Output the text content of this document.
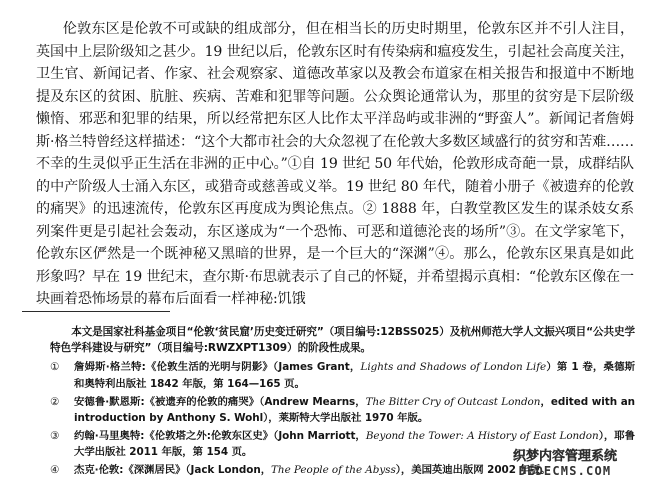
伦敦东区是伦敦不可或缺的组成部分，但在相当长的历史时期里，伦敦东区并不引人注目，英国中上层阶级知之甚少。19 世纪以后，伦敦东区时有传染病和瘟疫发生，引起社会高度关注，卫生官、新闻记者、作家、社会观察家、道德改革家以及教会布道家在相关报告和报道中不断地提及东区的贫困、肮脏、疾病、苦难和犯罪等问题。公众舆论通常认为，那里的贫穷是下层阶级懒惰、邪恶和犯罪的结果，所以经常把东区人比作太平洋岛屿或非洲的“野蛮人”。新闻记者詹姆斯·格兰特曾经这样描述：“这个大都市社会的大众忽视了在伦敦大多数区域盛行的贫穷和苦难……不幸的生灵似乎正生活在非洲的正中心。”①自 19 世纪 50 年代始，伦敦形成奇葩一景，成群结队的中产阶级人士涌入东区，或猎奇或慈善或义举。19 世纪 80 年代，随着小册子《被遗弃的伦敦的痛哭》的迅速流传，伦敦东区再度成为舆论焦点。② 1888 年，白教堂教区发生的谋杀妓女系列案件更是引起社会轰动，东区遂成为“一个恐怖、可恶和道德沦丧的场所”③。在文学家笔下，伦敦东区俨然是一个既神秘又黑暗的世界，是一个巨大的“深渊”④。那么，伦敦东区果真是如此形象吗？早在 19 世纪末，查尔斯·布思就表示了自己的怀疑，并希望揭示真相：“伦敦东区像在一块画着恐怖场景的幕布后面看一样神秘:饥饿

本文是国家社科基金项目“伦敦‘贫民窟’历史变迁研究”（项目编号:12BSS025）及杭州师范大学人文振兴项目“公共史学特色学科建设与研究”（项目编号:RWZXPT1309）的阶段性成果。

①	詹姆斯·格兰特:《伦敦生活的光明与阴影》（James Grant，Lights and Shadows of London Life）第 1 卷，桑德斯和奥特利出版社 1842 年版，第 164—165 页。
②	安德鲁·默恩斯:《被遗弃的伦敦的痛哭》（Andrew Mearns，The Bitter Cry of Outcast London，edited with an introduction by Anthony S. Wohl），莱斯特大学出版社 1970 年版。
③	约翰·马里奥特:《伦敦塔之外:伦敦东区史》（John Marriott，Beyond the Tower: A History of East London），耶鲁大学出版社 2011 年版，第 154 页。
④	杰克·伦敦:《深渊居民》（Jack London，The People of the Abyss），美国英迪出版网 2002 年版。
织梦内容管理系统
DEDECMS.COM
